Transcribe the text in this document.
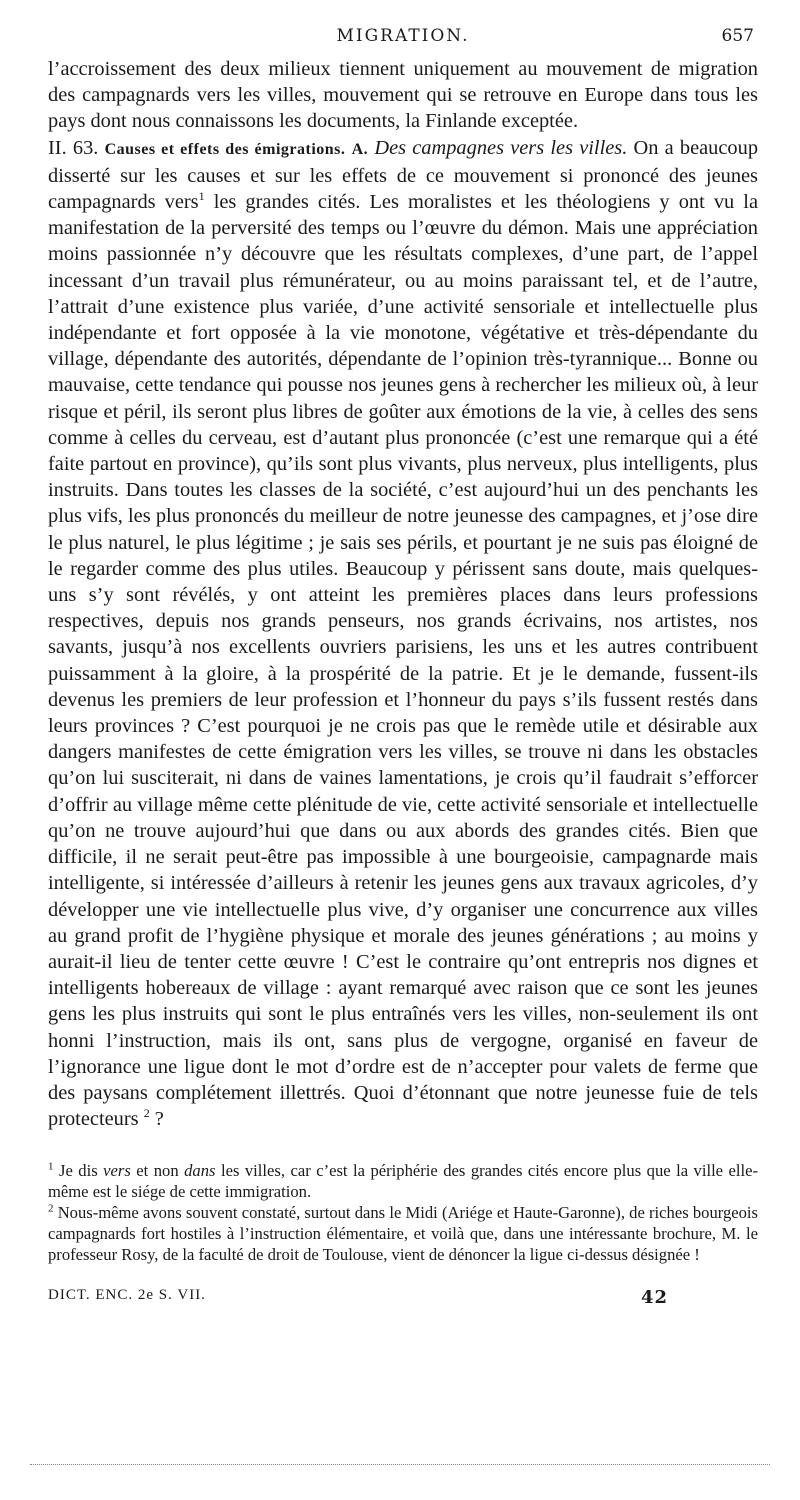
MIGRATION.	657

l’accroissement des deux milieux tiennent uniquement au mouvement de migration des campagnards vers les villes, mouvement qui se retrouve en Europe dans tous les pays dont nous connaissons les documents, la Finlande exceptée.

II. 63. Causes et effets des émigrations. A. Des campagnes vers les villes. On a beaucoup disserté sur les causes et sur les effets de ce mouvement si prononcé des jeunes campagnards vers$^1$ les grandes cités. Les moralistes et les théologiens y ont vu la manifestation de la perversité des temps ou l’œuvre du démon. Mais une appréciation moins passionnée n’y découvre que les résultats complexes, d’une part, de l’appel incessant d’un travail plus rémunérateur, ou au moins paraissant tel, et de l’autre, l’attrait d’une existence plus variée, d’une activité sensoriale et intellectuelle plus indépendante et fort opposée à la vie monotone, végétative et très-dépendante du village, dépendante des autorités, dépendante de l’opinion très-tyrannique... Bonne ou mauvaise, cette tendance qui pousse nos jeunes gens à rechercher les milieux où, à leur risque et péril, ils seront plus libres de goûter aux émotions de la vie, à celles des sens comme à celles du cerveau, est d’autant plus prononcée (c’est une remarque qui a été faite partout en province), qu’ils sont plus vivants, plus nerveux, plus intelligents, plus instruits. Dans toutes les classes de la société, c’est aujourd’hui un des penchants les plus vifs, les plus prononcés du meilleur de notre jeunesse des campagnes, et j’ose dire le plus naturel, le plus légitime ; je sais ses périls, et pourtant je ne suis pas éloigné de le regarder comme des plus utiles. Beaucoup y périssent sans doute, mais quelques-uns s’y sont révélés, y ont atteint les premières places dans leurs professions respectives, depuis nos grands penseurs, nos grands écrivains, nos artistes, nos savants, jusqu’à nos excellents ouvriers parisiens, les uns et les autres contribuent puissamment à la gloire, à la prospérité de la patrie. Et je le demande, fussent-ils devenus les premiers de leur profession et l’honneur du pays s’ils fussent restés dans leurs provinces ? C’est pourquoi je ne crois pas que le remède utile et désirable aux dangers manifestes de cette émigration vers les villes, se trouve ni dans les obstacles qu’on lui susciterait, ni dans de vaines lamentations, je crois qu’il faudrait s’efforcer d’offrir au village même cette plénitude de vie, cette activité sensoriale et intellectuelle qu’on ne trouve aujourd’hui que dans ou aux abords des grandes cités. Bien que difficile, il ne serait peut-être pas impossible à une bourgeoisie, campagnarde mais intelligente, si intéressée d’ailleurs à retenir les jeunes gens aux travaux agricoles, d’y développer une vie intellectuelle plus vive, d’y organiser une concurrence aux villes au grand profit de l’hygiène physique et morale des jeunes générations ; au moins y aurait-il lieu de tenter cette œuvre ! C’est le contraire qu’ont entrepris nos dignes et intelligents hobereaux de village : ayant remarqué avec raison que ce sont les jeunes gens les plus instruits qui sont le plus entraînés vers les villes, non-seulement ils ont honni l’instruction, mais ils ont, sans plus de vergogne, organisé en faveur de l’ignorance une ligue dont le mot d’ordre est de n’accepter pour valets de ferme que des paysans complétement illettrés. Quoi d’étonnant que notre jeunesse fuie de tels protecteurs $^2$ ?

$^1$ Je dis vers et non dans les villes, car c’est la périphérie des grandes cités encore plus que la ville elle-même est le siége de cette immigration.

$^2$ Nous-même avons souvent constaté, surtout dans le Midi (Ariége et Haute-Garonne), de riches bourgeois campagnards fort hostiles à l’instruction élémentaire, et voilà que, dans une intéressante brochure, M. le professeur Rosy, de la faculté de droit de Toulouse, vient de dénoncer la ligue ci-dessus désignée !

DICT. ENC. 2e S. VII.	42
